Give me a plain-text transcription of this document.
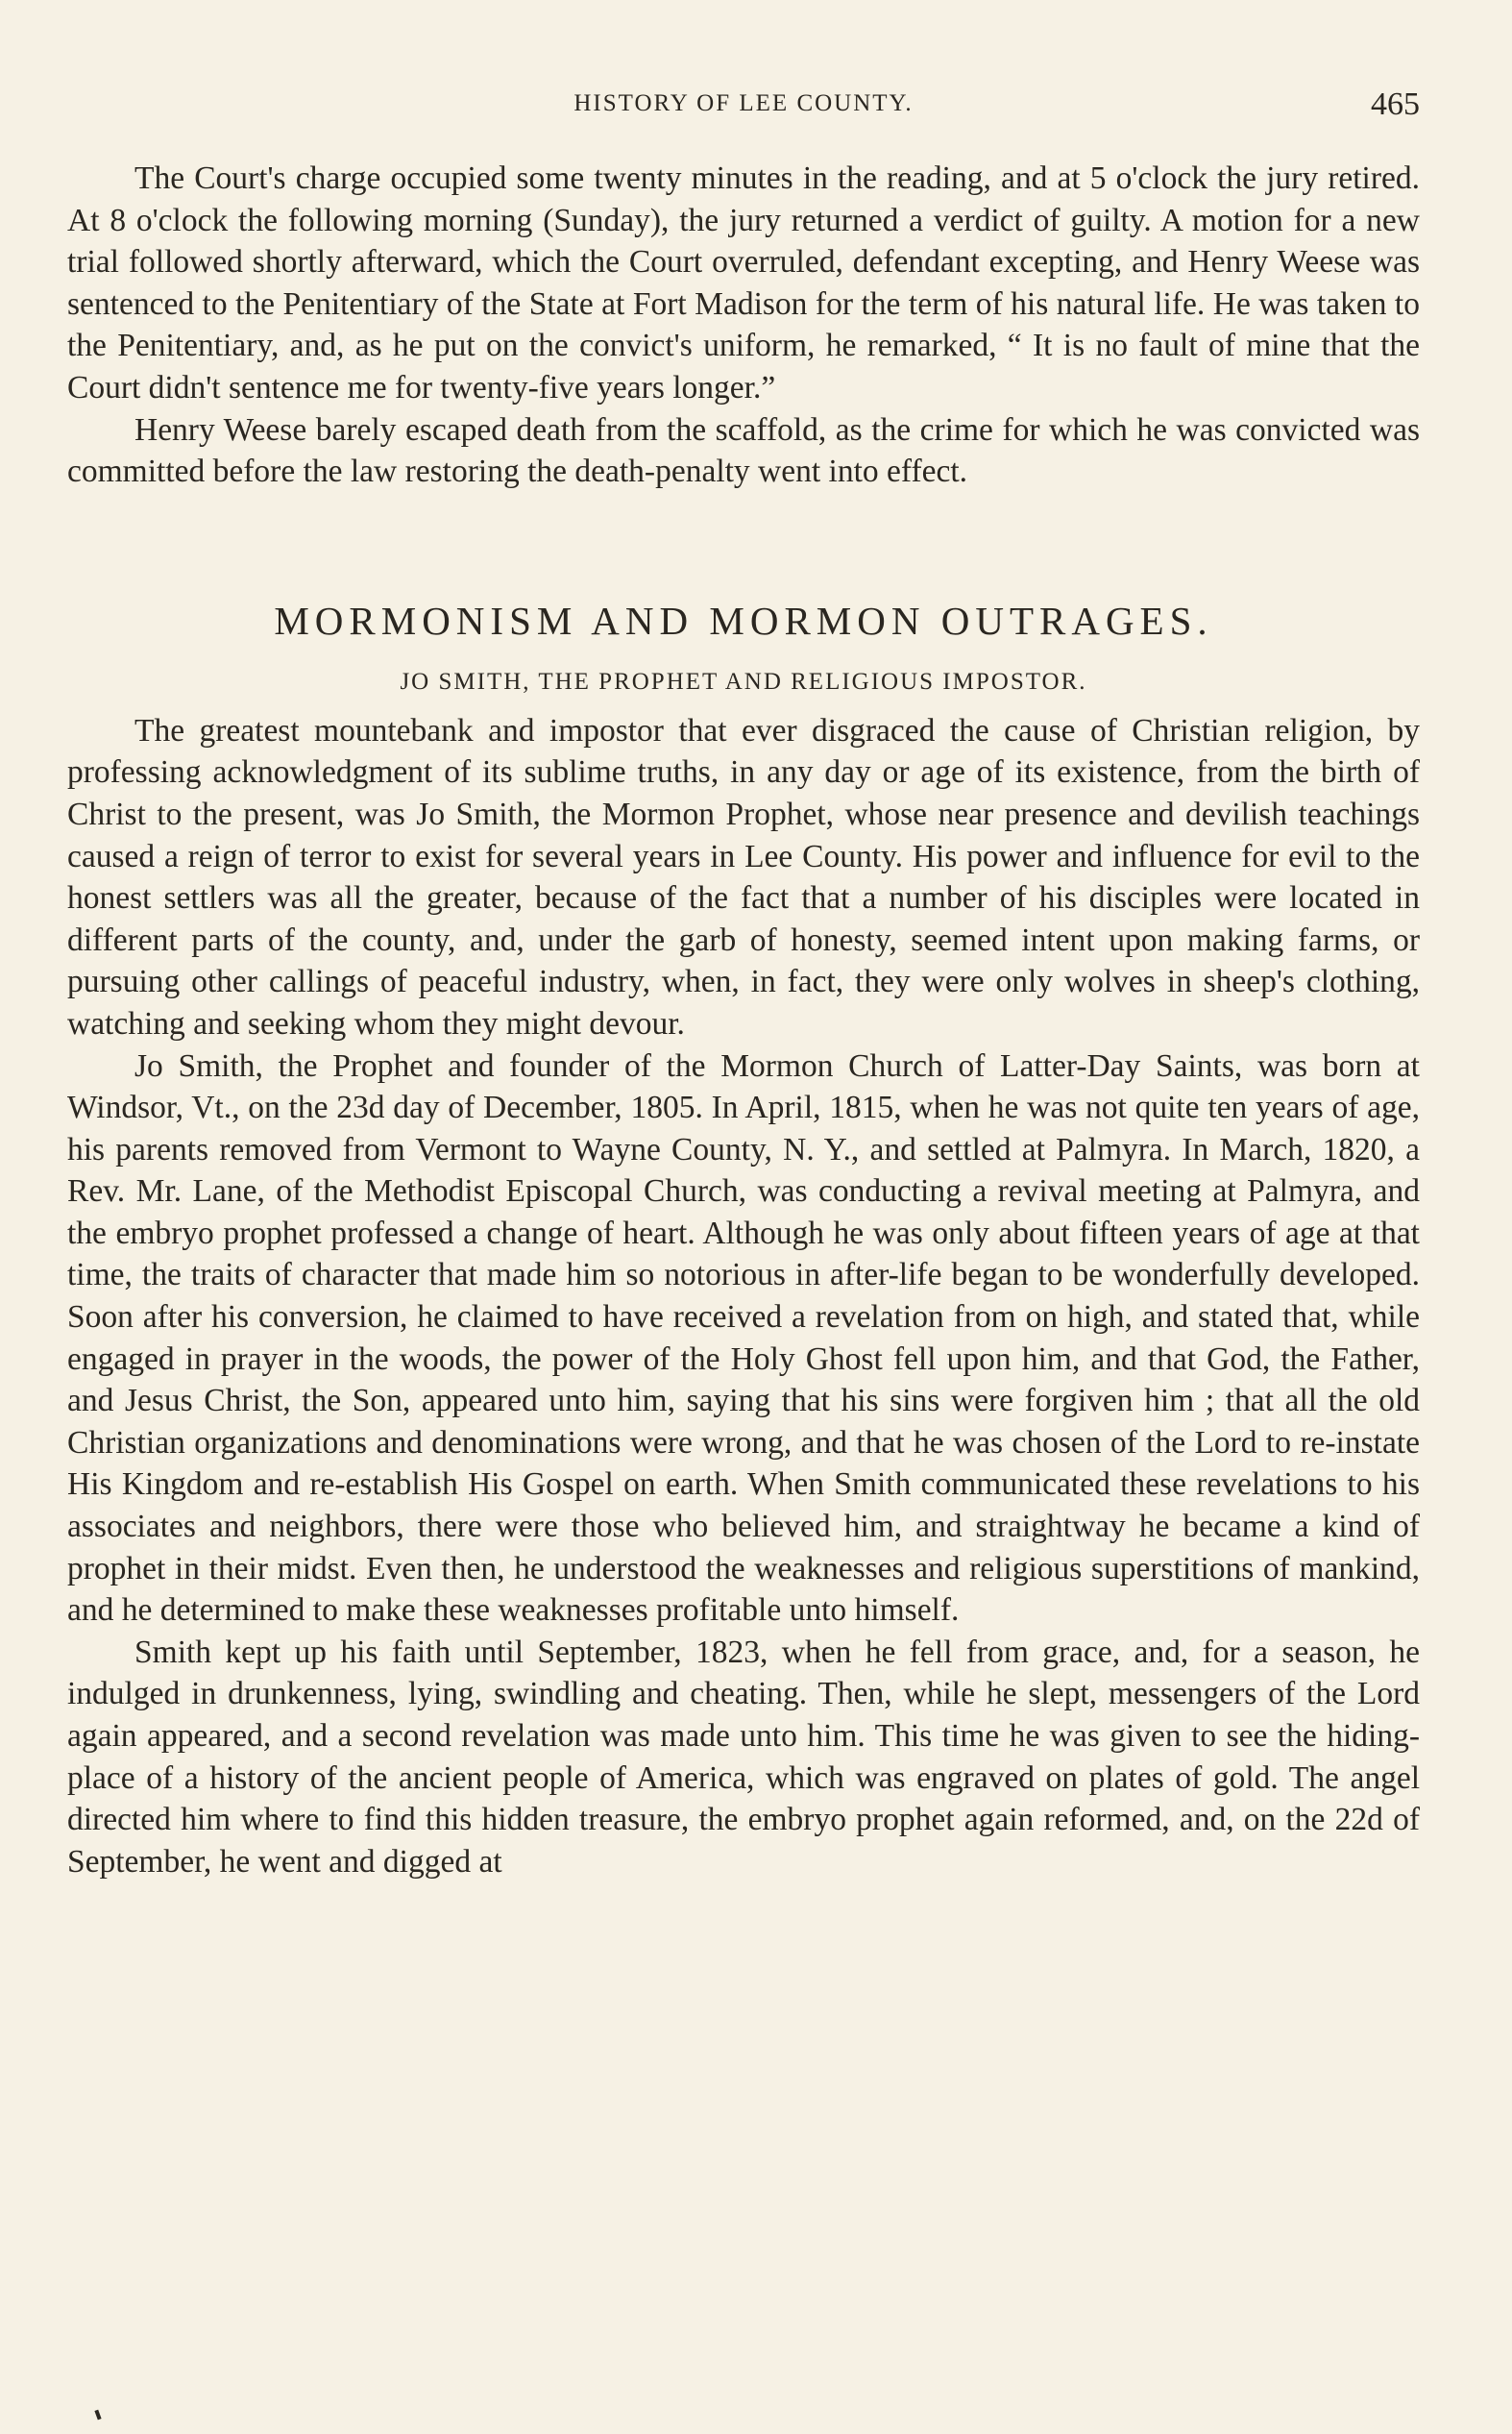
HISTORY OF LEE COUNTY.	465

The Court's charge occupied some twenty minutes in the reading, and at 5 o'clock the jury retired. At 8 o'clock the following morning (Sunday), the jury returned a verdict of guilty. A motion for a new trial followed shortly afterward, which the Court overruled, defendant excepting, and Henry Weese was sentenced to the Penitentiary of the State at Fort Madison for the term of his natural life. He was taken to the Penitentiary, and, as he put on the convict's uniform, he remarked, “ It is no fault of mine that the Court didn't sentence me for twenty-five years longer.”

Henry Weese barely escaped death from the scaffold, as the crime for which he was convicted was committed before the law restoring the death-penalty went into effect.

MORMONISM AND MORMON OUTRAGES.
JO SMITH, THE PROPHET AND RELIGIOUS IMPOSTOR.

The greatest mountebank and impostor that ever disgraced the cause of Christian religion, by professing acknowledgment of its sublime truths, in any day or age of its existence, from the birth of Christ to the present, was Jo Smith, the Mormon Prophet, whose near presence and devilish teachings caused a reign of terror to exist for several years in Lee County. His power and influence for evil to the honest settlers was all the greater, because of the fact that a number of his disciples were located in different parts of the county, and, under the garb of honesty, seemed intent upon making farms, or pursuing other callings of peaceful industry, when, in fact, they were only wolves in sheep's clothing, watching and seeking whom they might devour.

Jo Smith, the Prophet and founder of the Mormon Church of Latter-Day Saints, was born at Windsor, Vt., on the 23d day of December, 1805. In April, 1815, when he was not quite ten years of age, his parents removed from Vermont to Wayne County, N. Y., and settled at Palmyra. In March, 1820, a Rev. Mr. Lane, of the Methodist Episcopal Church, was conducting a revival meeting at Palmyra, and the embryo prophet professed a change of heart. Although he was only about fifteen years of age at that time, the traits of character that made him so notorious in after-life began to be wonderfully developed. Soon after his conversion, he claimed to have received a revelation from on high, and stated that, while engaged in prayer in the woods, the power of the Holy Ghost fell upon him, and that God, the Father, and Jesus Christ, the Son, appeared unto him, saying that his sins were forgiven him ; that all the old Christian organizations and denominations were wrong, and that he was chosen of the Lord to re-instate His Kingdom and re-establish His Gospel on earth. When Smith communicated these revelations to his associates and neighbors, there were those who believed him, and straightway he became a kind of prophet in their midst. Even then, he understood the weaknesses and religious superstitions of mankind, and he determined to make these weaknesses profitable unto himself.

Smith kept up his faith until September, 1823, when he fell from grace, and, for a season, he indulged in drunkenness, lying, swindling and cheating. Then, while he slept, messengers of the Lord again appeared, and a second revelation was made unto him. This time he was given to see the hiding-place of a history of the ancient people of America, which was engraved on plates of gold. The angel directed him where to find this hidden treasure, the embryo prophet again reformed, and, on the 22d of September, he went and digged at
